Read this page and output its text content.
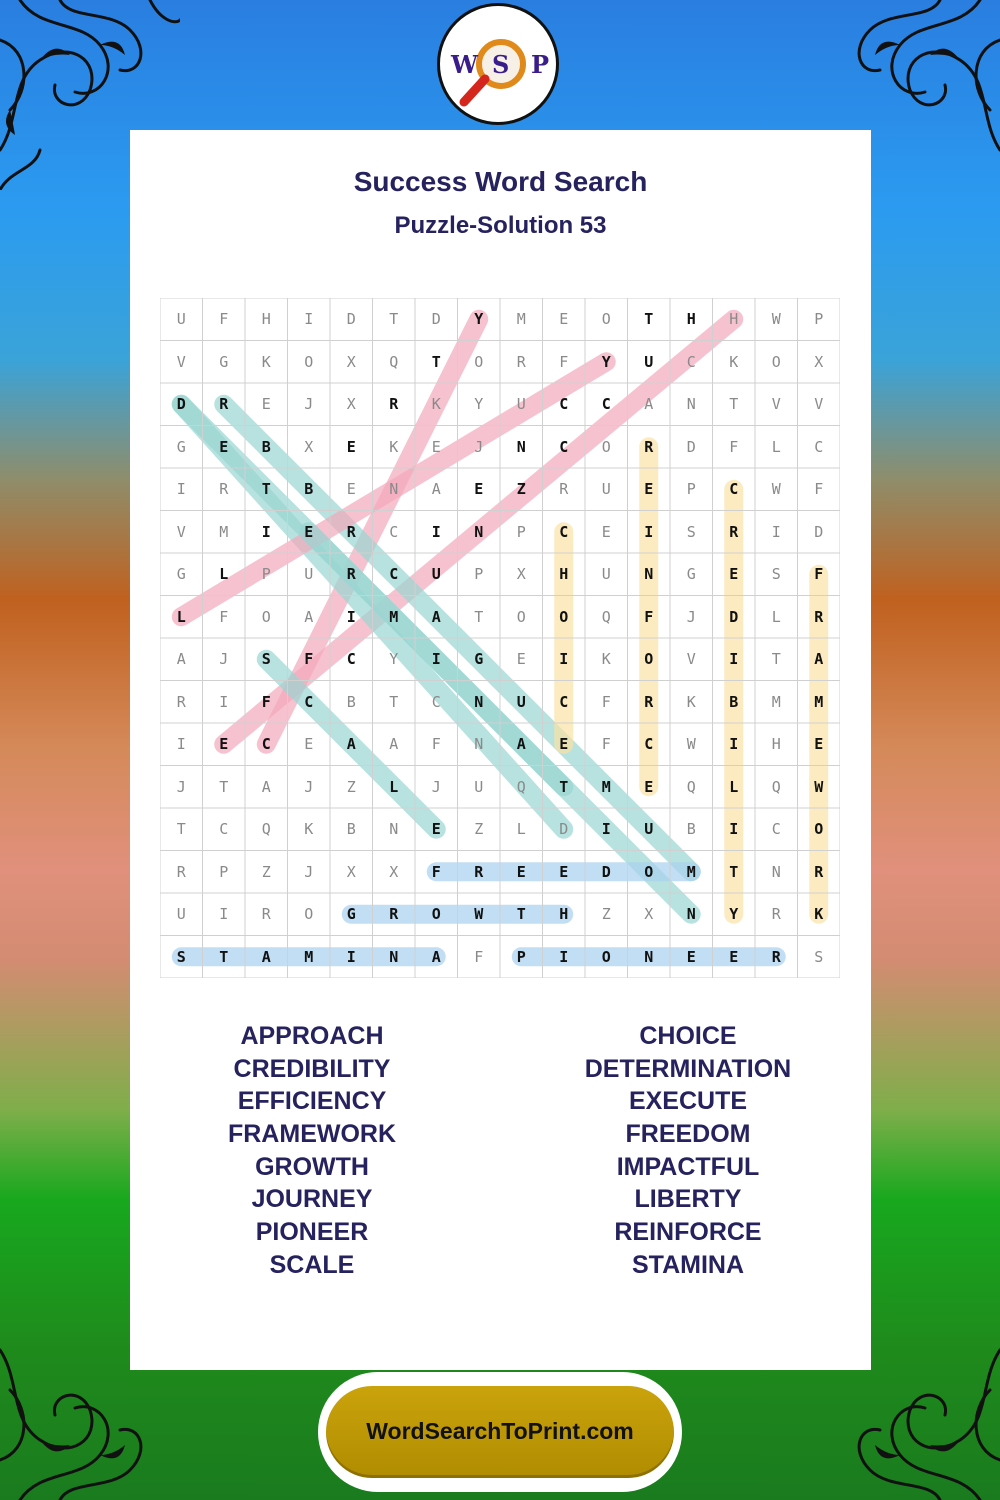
W S P
Success Word Search
Puzzle-Solution 53
U	F	H	I	D	T	D	Y	M	E	O	T	H	H	W	P
V	G	K	O	X	Q	T	O	R	F	Y	U	C	K	O	X
D	R	E	J	X	R	K	Y	U	C	C	A	N	T	V	V
G	E	B	X	E	K	E	J	N	C	O	R	D	F	L	C
I	R	T	B	E	N	A	E	Z	R	U	E	P	C	W	F
V	M	I	E	R	C	I	N	P	C	E	I	S	R	I	D
G	L	P	U	R	C	U	P	X	H	U	N	G	E	S	F
L	F	O	A	I	M	A	T	O	O	Q	F	J	D	L	R
A	J	S	F	C	Y	I	G	E	I	K	O	V	I	T	A
R	I	F	C	B	T	C	N	U	C	F	R	K	B	M	M
I	E	C	E	A	A	F	N	A	E	F	C	W	I	H	E
J	T	A	J	Z	L	J	U	Q	T	M	E	Q	L	Q	W
T	C	Q	K	B	N	E	Z	L	D	I	U	B	I	C	O
R	P	Z	J	X	X	F	R	E	E	D	O	M	T	N	R
U	I	R	O	G	R	O	W	T	H	Z	X	N	Y	R	K
S	T	A	M	I	N	A	F	P	I	O	N	E	E	R	S
APPROACH
CREDIBILITY
EFFICIENCY
FRAMEWORK
GROWTH
JOURNEY
PIONEER
SCALE
CHOICE
DETERMINATION
EXECUTE
FREEDOM
IMPACTFUL
LIBERTY
REINFORCE
STAMINA
WordSearchToPrint.com
